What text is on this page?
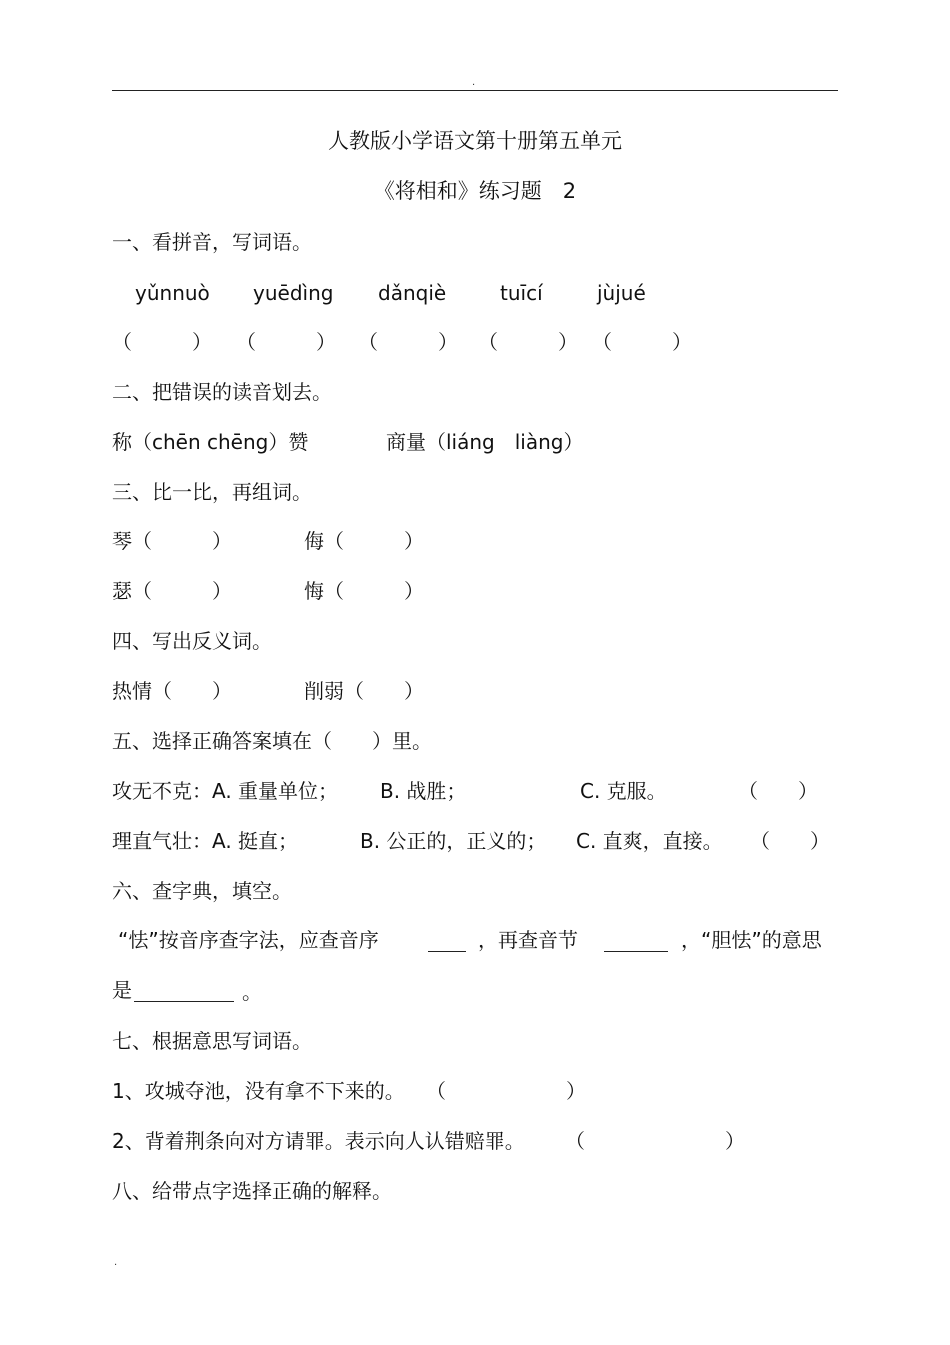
.
人教版小学语文第十册第五单元
《将相和》练习题　2
一、看拼音，写词语。
yǔnnuò yuēdìng dǎnqiè	tuīcí	jùjué
（　　　） （　　　） （　　　） （　　　） （　　　）
二、把错误的读音划去。
称（chēn chēng）赞	商量（liáng　liàng）
三、比一比，再组词。
琴（　　　）	侮（　　　）
瑟（　　　）	悔（　　　）
四、写出反义词。
热情（　　）	削弱（　　）
五、选择正确答案填在（　　）里。
攻无不克：A. 重量单位； B. 战胜；	C. 克服。	（　　）
理直气壮：A. 挺直；	B. 公正的，正义的； C. 直爽，直接。 （　　）
六、查字典，填空。
“怯”按音序查字法，应查音序	，再查音节	，“胆怯”的意思
是	。
七、根据意思写词语。
1、攻城夺池，没有拿不下来的。 （　　　　　　）
2、背着荆条向对方请罪。表示向人认错赔罪。 （　　　　　　　）
八、给带点字选择正确的解释。
.
